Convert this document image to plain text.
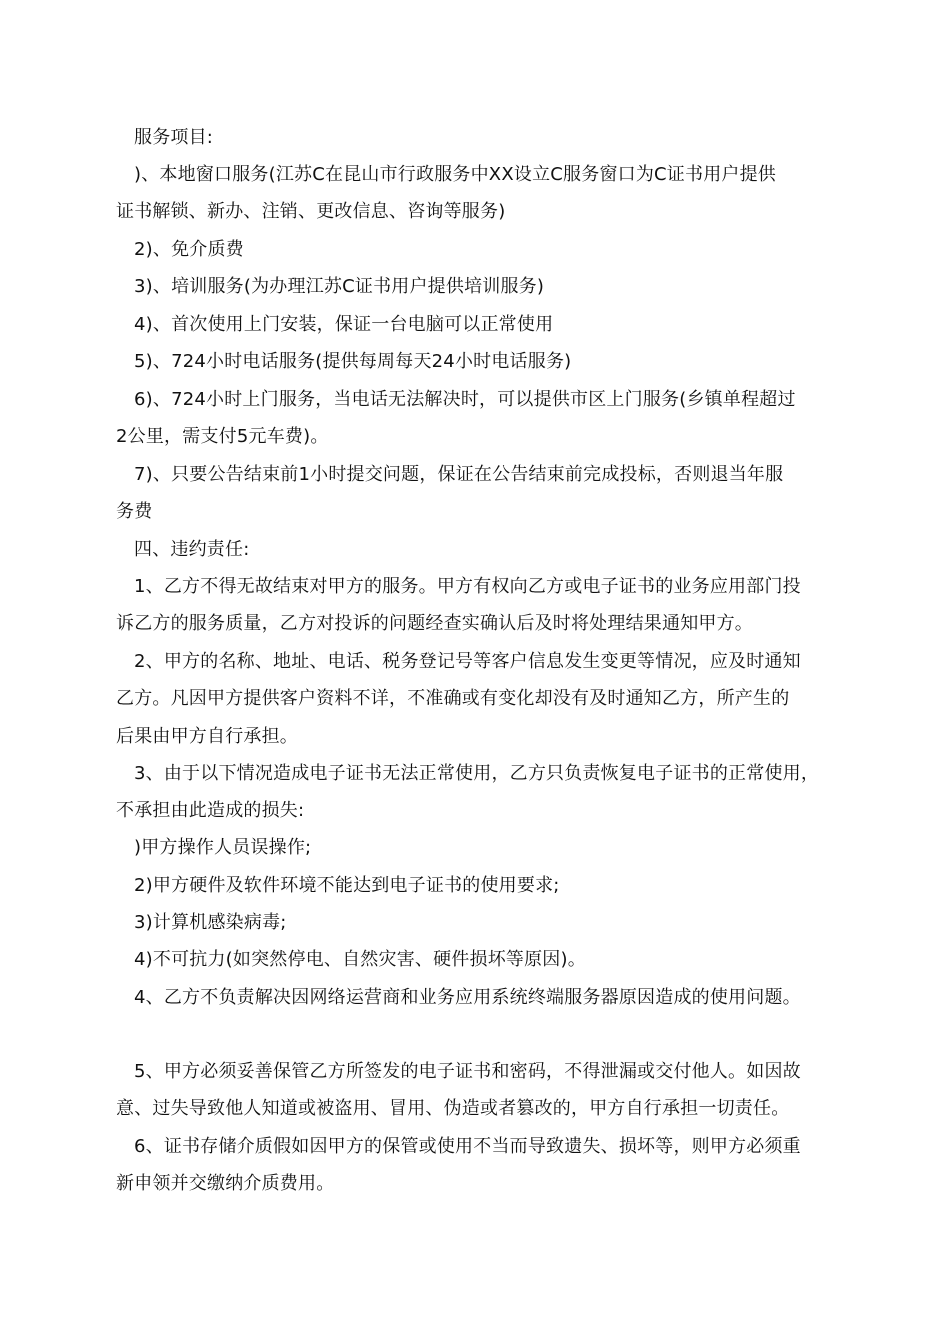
服务项目:
)、本地窗口服务(江苏C在昆山市行政服务中XX设立C服务窗口为C证书用户提供
证书解锁、新办、注销、更改信息、咨询等服务)
2)、免介质费
3)、培训服务(为办理江苏C证书用户提供培训服务)
4)、首次使用上门安装，保证一台电脑可以正常使用
5)、724小时电话服务(提供每周每天24小时电话服务)
6)、724小时上门服务，当电话无法解决时，可以提供市区上门服务(乡镇单程超过
2公里，需支付5元车费)。
7)、只要公告结束前1小时提交问题，保证在公告结束前完成投标，否则退当年服
务费
四、违约责任:
1、乙方不得无故结束对甲方的服务。甲方有权向乙方或电子证书的业务应用部门投
诉乙方的服务质量，乙方对投诉的问题经查实确认后及时将处理结果通知甲方。
2、甲方的名称、地址、电话、税务登记号等客户信息发生变更等情况，应及时通知
乙方。凡因甲方提供客户资料不详，不准确或有变化却没有及时通知乙方，所产生的
后果由甲方自行承担。
3、由于以下情况造成电子证书无法正常使用，乙方只负责恢复电子证书的正常使用，
不承担由此造成的损失:
)甲方操作人员误操作;
2)甲方硬件及软件环境不能达到电子证书的使用要求;
3)计算机感染病毒;
4)不可抗力(如突然停电、自然灾害、硬件损坏等原因)。
4、乙方不负责解决因网络运营商和业务应用系统终端服务器原因造成的使用问题。
5、甲方必须妥善保管乙方所签发的电子证书和密码，不得泄漏或交付他人。如因故
意、过失导致他人知道或被盗用、冒用、伪造或者篡改的，甲方自行承担一切责任。
6、证书存储介质假如因甲方的保管或使用不当而导致遗失、损坏等，则甲方必须重
新申领并交缴纳介质费用。
